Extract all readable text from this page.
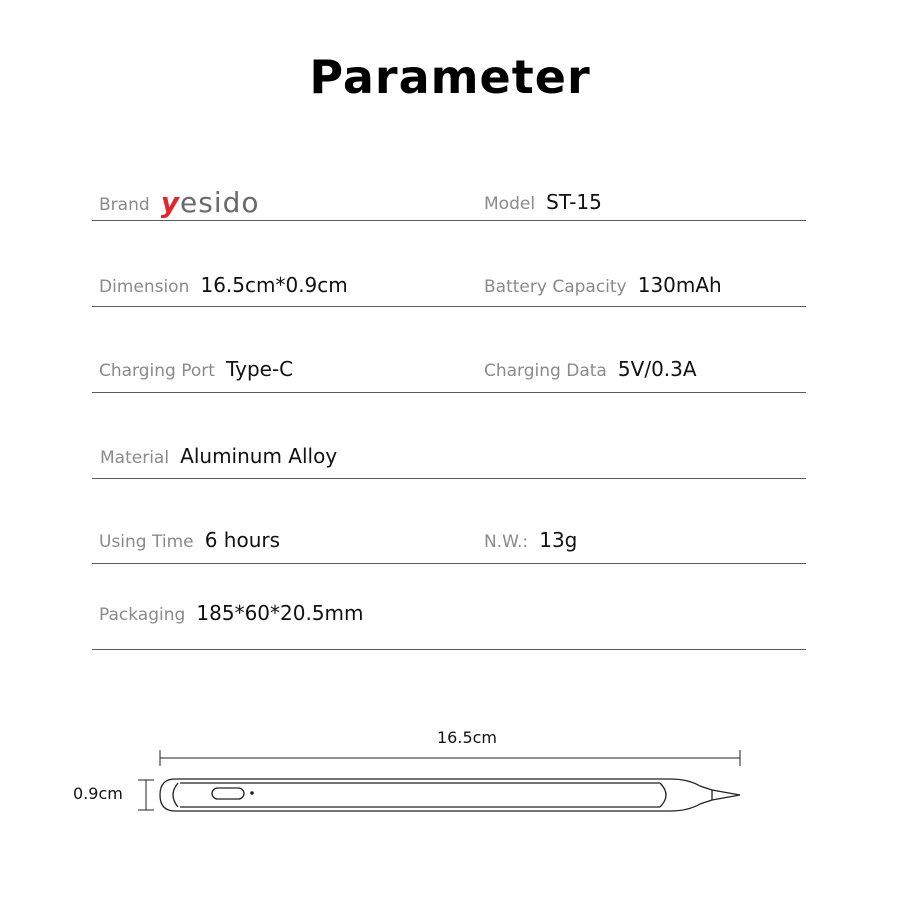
Parameter
Brand yesido	Model ST-15
Dimension 16.5cm*0.9cm	Battery Capacity 130mAh
Charging Port Type-C	Charging Data 5V/0.3A
Material Aluminum Alloy
Using Time 6 hours	N.W.: 13g
Packaging 185*60*20.5mm
16.5cm
0.9cm
